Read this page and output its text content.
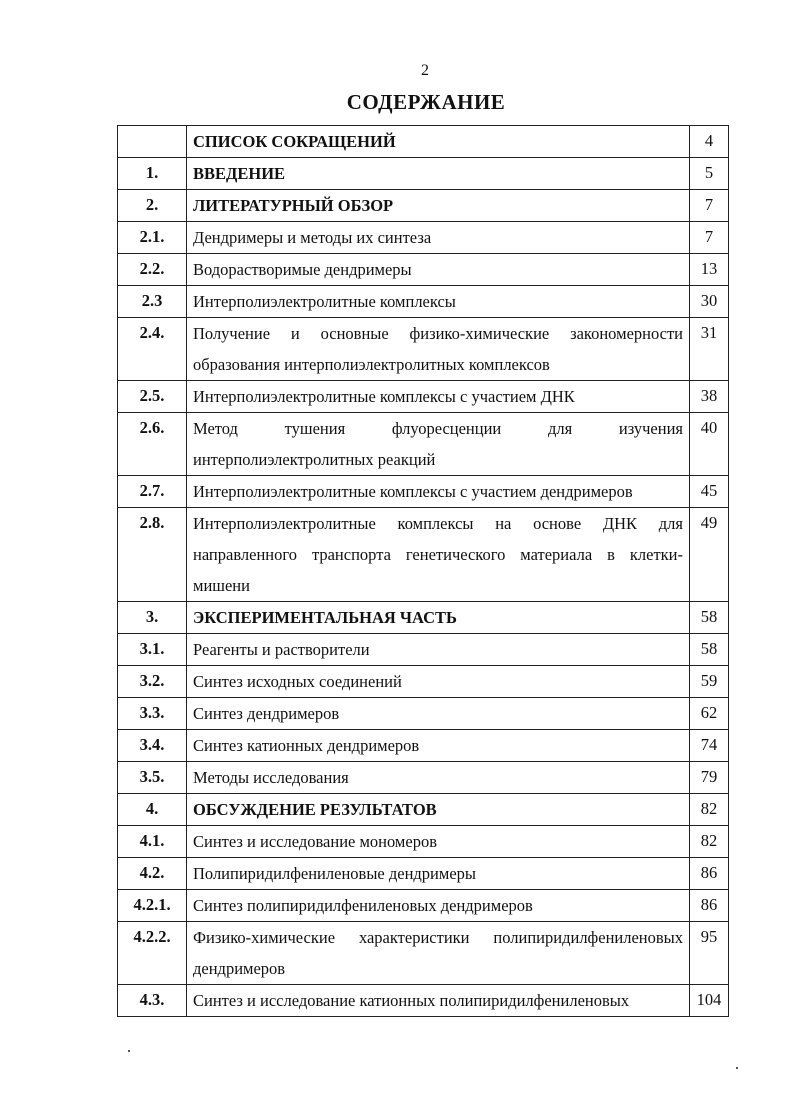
2
СОДЕРЖАНИЕ
	СПИСОК СОКРАЩЕНИЙ	4
1.	ВВЕДЕНИЕ	5
2.	ЛИТЕРАТУРНЫЙ ОБЗОР	7
2.1.	Дендримеры и методы их синтеза	7
2.2.	Водорастворимые дендримеры	13
2.3	Интерполиэлектролитные комплексы	30
2.4.	Получение и основные физико-химические закономерности образования интерполиэлектролитных комплексов	31
2.5.	Интерполиэлектролитные комплексы с участием ДНК	38
2.6.	Метод тушения флуоресценции для изучения интерполиэлектролитных реакций	40
2.7.	Интерполиэлектролитные комплексы с участием дендримеров	45
2.8.	Интерполиэлектролитные комплексы на основе ДНК для направленного транспорта генетического материала в клетки-мишени	49
3.	ЭКСПЕРИМЕНТАЛЬНАЯ ЧАСТЬ	58
3.1.	Реагенты и растворители	58
3.2.	Синтез исходных соединений	59
3.3.	Синтез дендримеров	62
3.4.	Синтез катионных дендримеров	74
3.5.	Методы исследования	79
4.	ОБСУЖДЕНИЕ РЕЗУЛЬТАТОВ	82
4.1.	Синтез и исследование мономеров	82
4.2.	Полипиридилфениленовые дендримеры	86
4.2.1.	Синтез полипиридилфениленовых дендримеров	86
4.2.2.	Физико-химические характеристики полипиридилфениленовых дендримеров	95
4.3.	Синтез и исследование катионных полипиридилфениленовых	104
